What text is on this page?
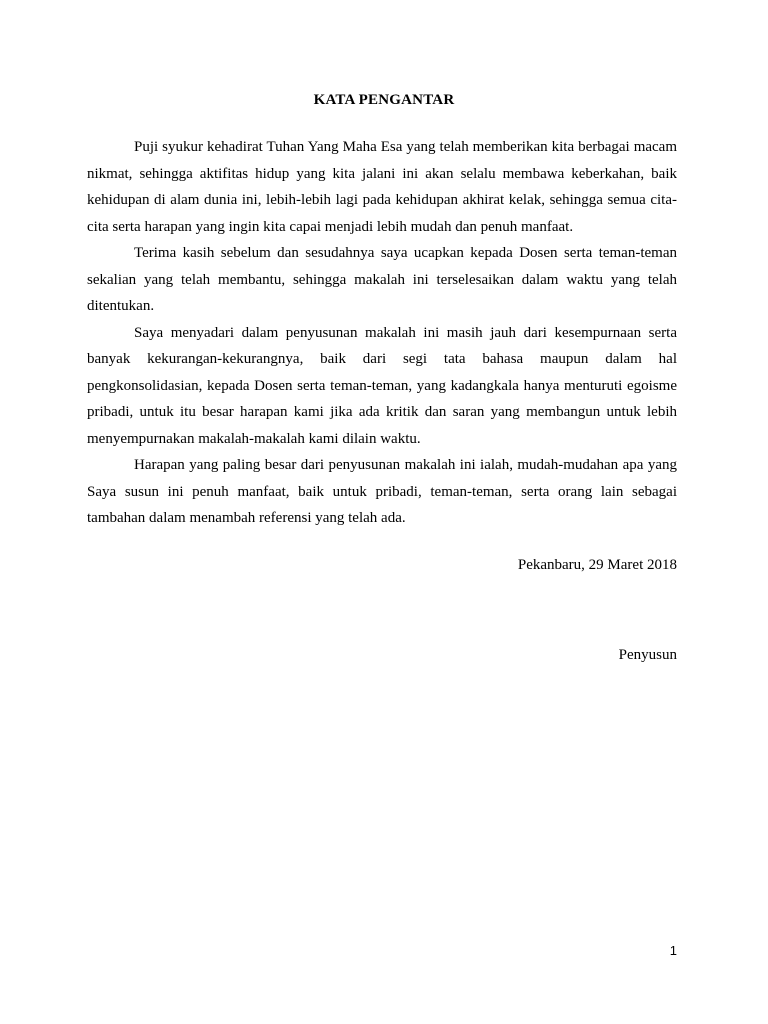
KATA PENGANTAR

Puji syukur kehadirat Tuhan Yang Maha Esa yang telah memberikan kita berbagai macam nikmat, sehingga aktifitas hidup yang kita jalani ini akan selalu membawa keberkahan, baik kehidupan di alam dunia ini, lebih-lebih lagi pada kehidupan akhirat kelak, sehingga semua cita-cita serta harapan yang ingin kita capai menjadi lebih mudah dan penuh manfaat.

Terima kasih sebelum dan sesudahnya saya ucapkan kepada Dosen serta teman-teman sekalian yang telah membantu, sehingga makalah ini terselesaikan dalam waktu yang telah ditentukan.

Saya menyadari dalam penyusunan makalah ini masih jauh dari kesempurnaan serta banyak kekurangan-kekurangnya, baik dari segi tata bahasa maupun dalam hal pengkonsolidasian, kepada Dosen serta teman-teman, yang kadangkala hanya menturuti egoisme pribadi, untuk itu besar harapan kami jika ada kritik dan saran yang membangun untuk lebih menyempurnakan makalah-makalah kami dilain waktu.

Harapan yang paling besar dari penyusunan makalah ini ialah, mudah-mudahan apa yang Saya susun ini penuh manfaat, baik untuk pribadi, teman-teman, serta orang lain sebagai tambahan dalam menambah referensi yang telah ada.

Pekanbaru, 29 Maret 2018
Penyusun
1
